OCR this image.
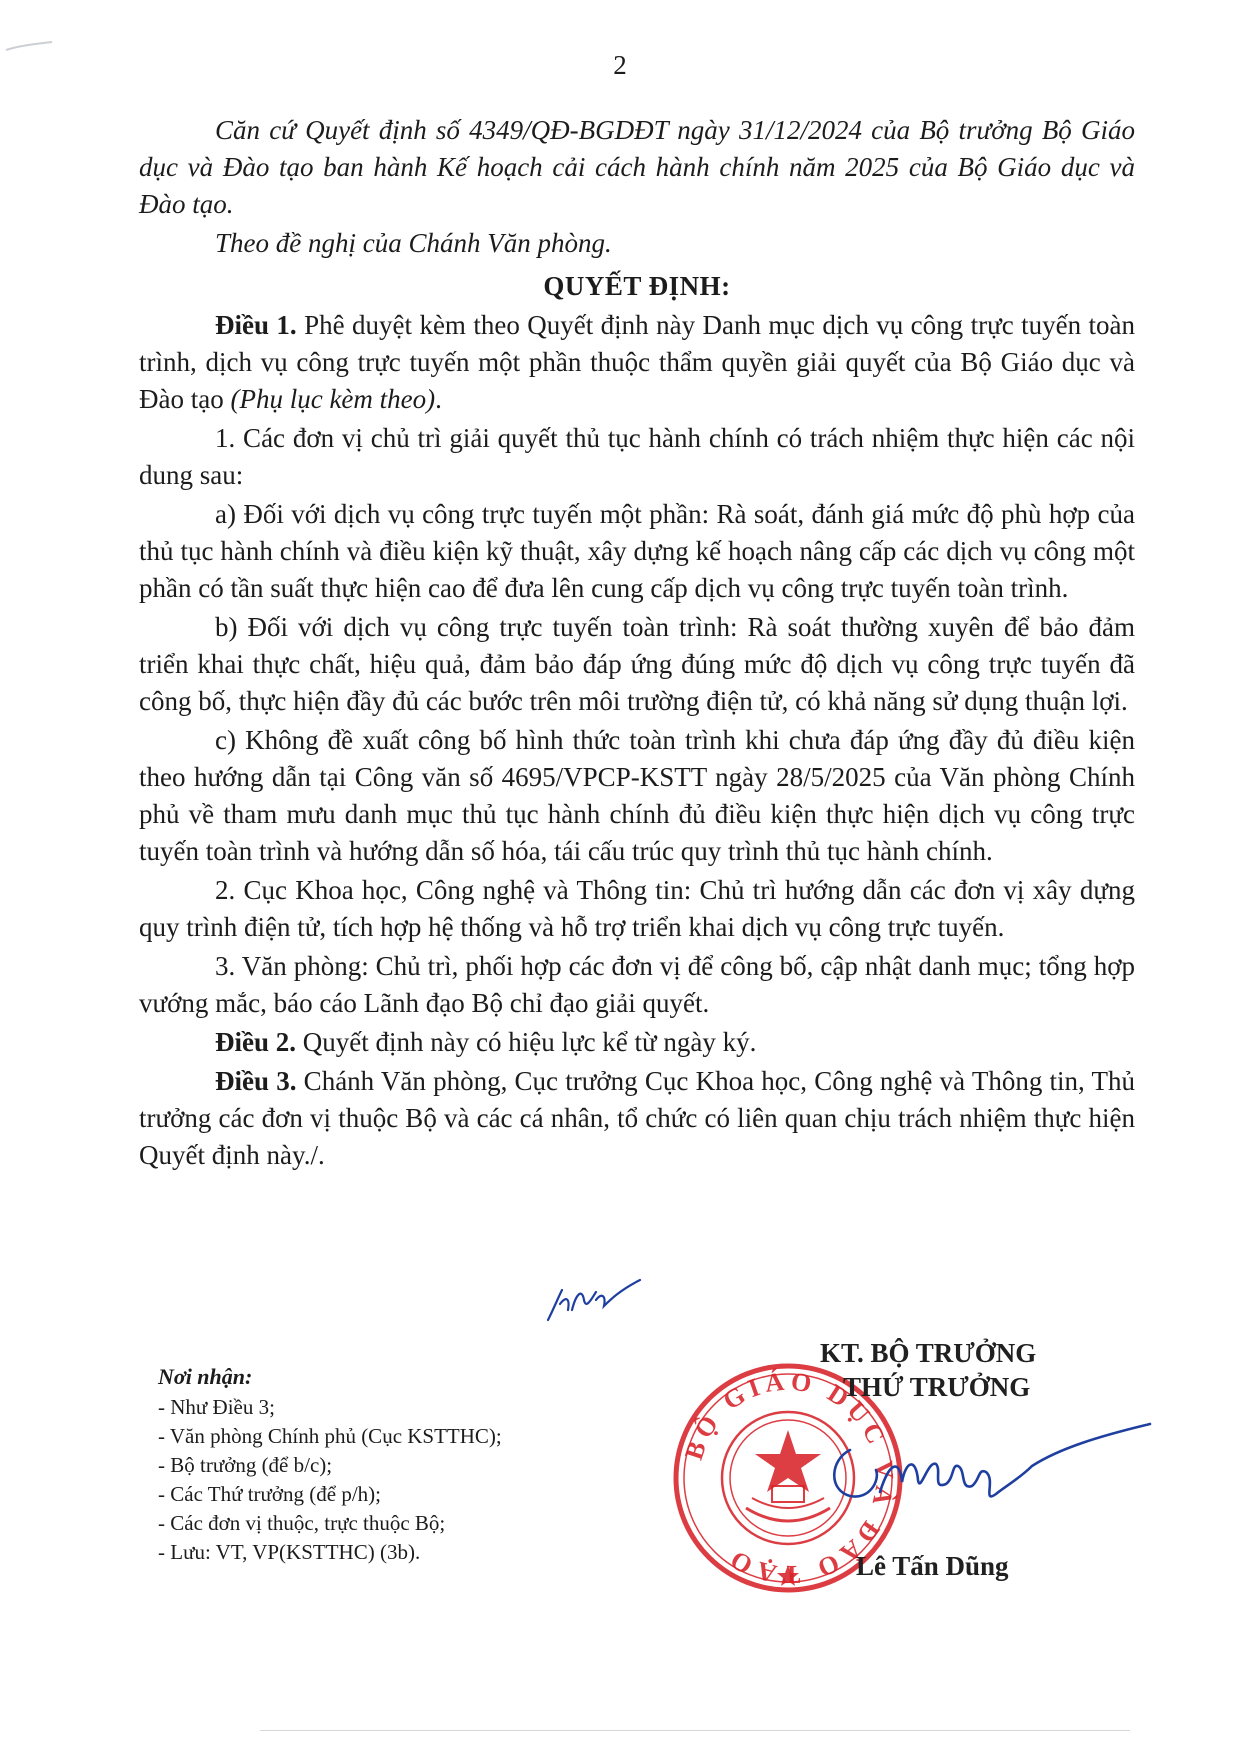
2

Căn cứ Quyết định số 4349/QĐ-BGDĐT ngày 31/12/2024 của Bộ trưởng Bộ Giáo dục và Đào tạo ban hành Kế hoạch cải cách hành chính năm 2025 của Bộ Giáo dục và Đào tạo.

Theo đề nghị của Chánh Văn phòng.

QUYẾT ĐỊNH:

Điều 1. Phê duyệt kèm theo Quyết định này Danh mục dịch vụ công trực tuyến toàn trình, dịch vụ công trực tuyến một phần thuộc thẩm quyền giải quyết của Bộ Giáo dục và Đào tạo (Phụ lục kèm theo).

1. Các đơn vị chủ trì giải quyết thủ tục hành chính có trách nhiệm thực hiện các nội dung sau:

a) Đối với dịch vụ công trực tuyến một phần: Rà soát, đánh giá mức độ phù hợp của thủ tục hành chính và điều kiện kỹ thuật, xây dựng kế hoạch nâng cấp các dịch vụ công một phần có tần suất thực hiện cao để đưa lên cung cấp dịch vụ công trực tuyến toàn trình.

b) Đối với dịch vụ công trực tuyến toàn trình: Rà soát thường xuyên để bảo đảm triển khai thực chất, hiệu quả, đảm bảo đáp ứng đúng mức độ dịch vụ công trực tuyến đã công bố, thực hiện đầy đủ các bước trên môi trường điện tử, có khả năng sử dụng thuận lợi.

c) Không đề xuất công bố hình thức toàn trình khi chưa đáp ứng đầy đủ điều kiện theo hướng dẫn tại Công văn số 4695/VPCP-KSTT ngày 28/5/2025 của Văn phòng Chính phủ về tham mưu danh mục thủ tục hành chính đủ điều kiện thực hiện dịch vụ công trực tuyến toàn trình và hướng dẫn số hóa, tái cấu trúc quy trình thủ tục hành chính.

2. Cục Khoa học, Công nghệ và Thông tin: Chủ trì hướng dẫn các đơn vị xây dựng quy trình điện tử, tích hợp hệ thống và hỗ trợ triển khai dịch vụ công trực tuyến.

3. Văn phòng: Chủ trì, phối hợp các đơn vị để công bố, cập nhật danh mục; tổng hợp vướng mắc, báo cáo Lãnh đạo Bộ chỉ đạo giải quyết.

Điều 2. Quyết định này có hiệu lực kể từ ngày ký.

Điều 3. Chánh Văn phòng, Cục trưởng Cục Khoa học, Công nghệ và Thông tin, Thủ trưởng các đơn vị thuộc Bộ và các cá nhân, tổ chức có liên quan chịu trách nhiệm thực hiện Quyết định này./.

Nơi nhận:
- Như Điều 3;
- Văn phòng Chính phủ (Cục KSTTHC);
- Bộ trưởng (để b/c);
- Các Thứ trưởng (để p/h);
- Các đơn vị thuộc, trực thuộc Bộ;
- Lưu: VT, VP(KSTTHC) (3b).
BỘ GIÁO DỤC VÀ ĐÀO TẠO
KT. BỘ TRƯỞNG
THỨ TRƯỞNG
Lê Tấn Dũng
